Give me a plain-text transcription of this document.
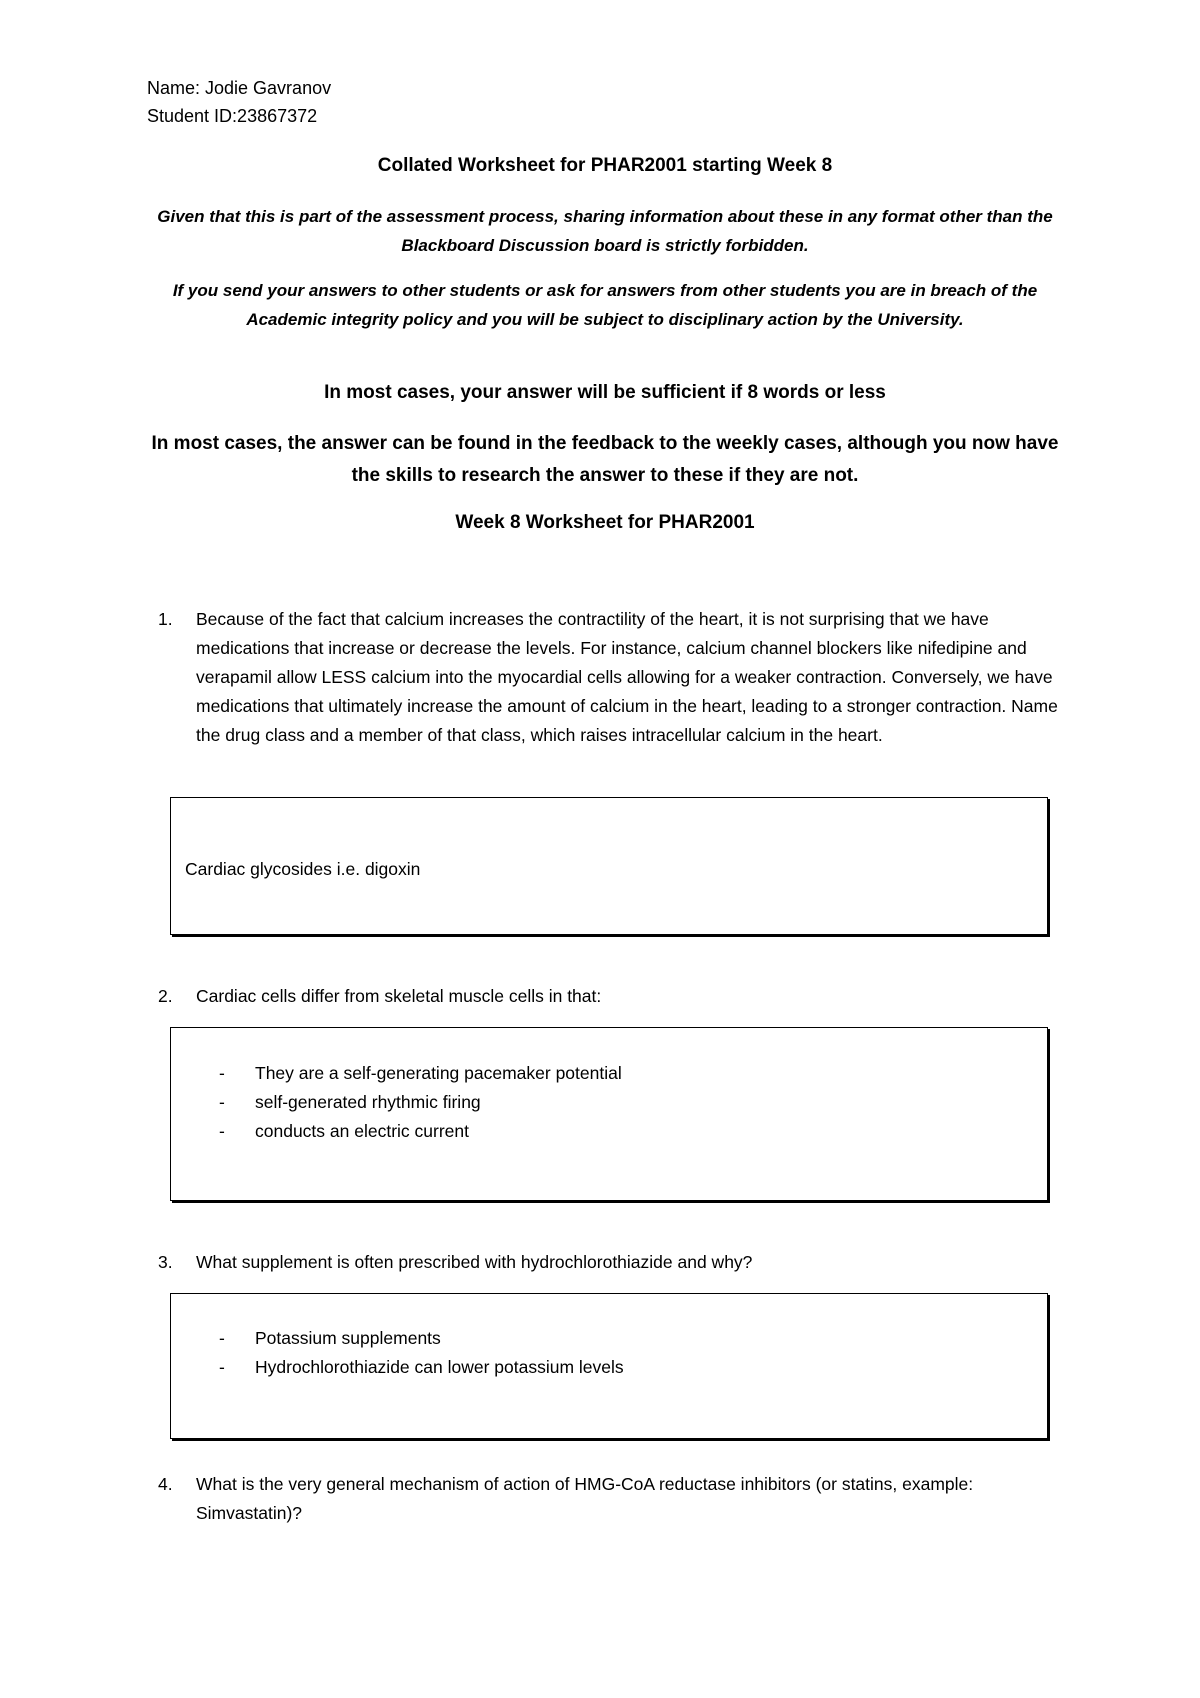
Name: Jodie Gavranov
Student ID:23867372
Collated Worksheet for PHAR2001 starting Week 8
Given that this is part of the assessment process, sharing information about these in any format other than the Blackboard Discussion board is strictly forbidden.
If you send your answers to other students or ask for answers from other students you are in breach of the Academic integrity policy and you will be subject to disciplinary action by the University.
In most cases, your answer will be sufficient if 8 words or less
In most cases, the answer can be found in the feedback to the weekly cases, although you now have the skills to research the answer to these if they are not.
Week 8 Worksheet for PHAR2001
1.	Because of the fact that calcium increases the contractility of the heart, it is not surprising that we have medications that increase or decrease the levels. For instance, calcium channel blockers like nifedipine and verapamil allow LESS calcium into the myocardial cells allowing for a weaker contraction. Conversely, we have medications that ultimately increase the amount of calcium in the heart, leading to a stronger contraction. Name the drug class and a member of that class, which raises intracellular calcium in the heart.
Cardiac glycosides i.e. digoxin
2.	Cardiac cells differ from skeletal muscle cells in that:
- They are a self-generating pacemaker potential
- self-generated rhythmic firing
- conducts an electric current
3.	What supplement is often prescribed with hydrochlorothiazide and why?
- Potassium supplements
- Hydrochlorothiazide can lower potassium levels
4.	What is the very general mechanism of action of HMG-CoA reductase inhibitors (or statins, example: Simvastatin)?
